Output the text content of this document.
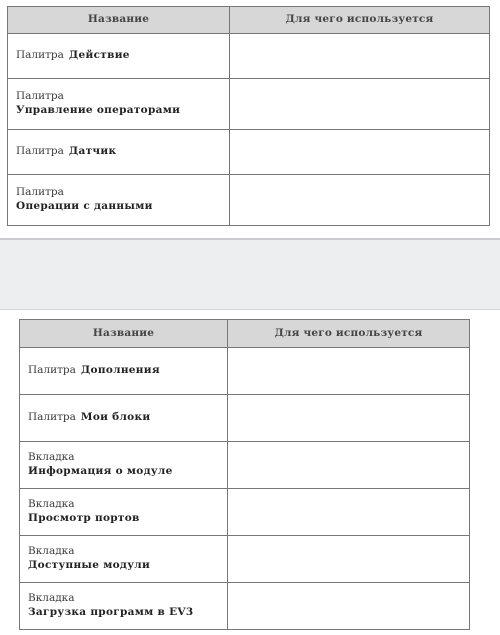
Название	Для чего используется
Палитра Действие	

Палитра
Управление операторами	

Палитра Датчик	

Палитра
Операции с данными	

Название	Для чего используется
Палитра Дополнения	
Палитра Мои блоки	

Вкладка
Информация о модуле	

Вкладка
Просмотр портов	

Вкладка
Доступные модули	

Вкладка
Загрузка программ в EV3	
